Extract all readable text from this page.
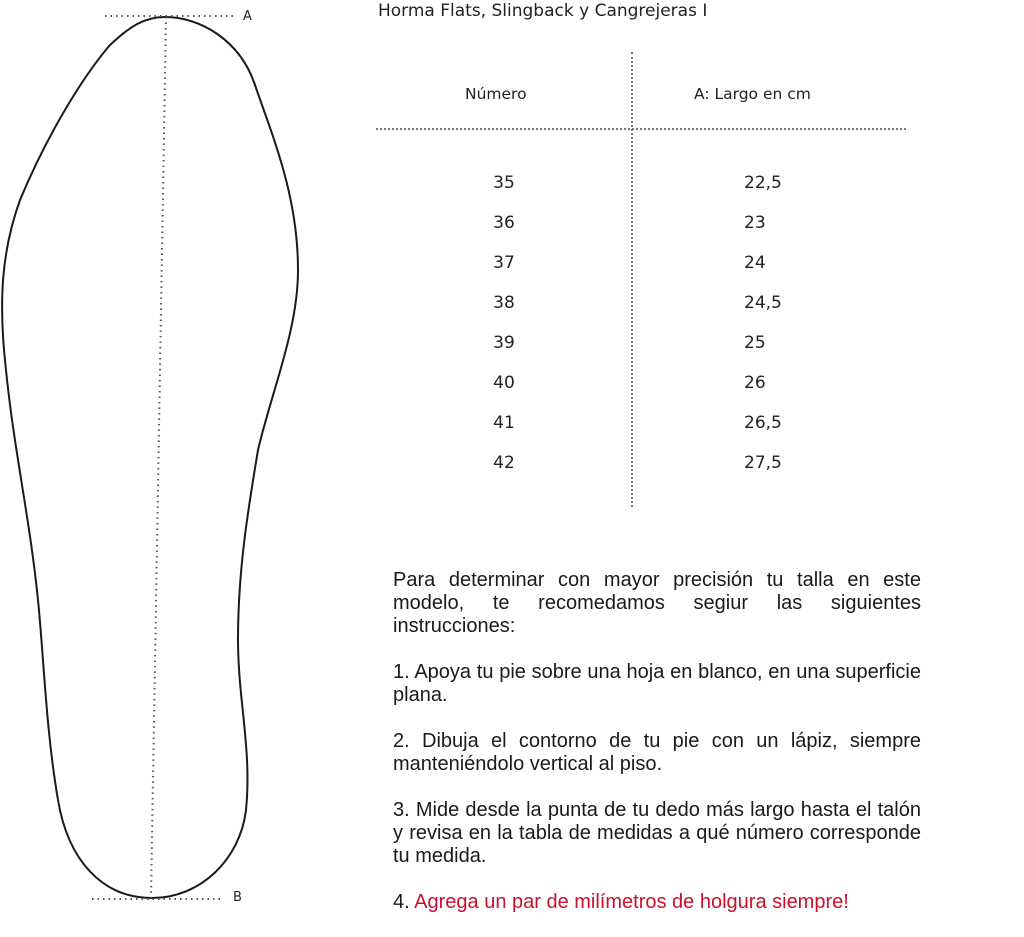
A
B
Horma Flats, Slingback y Cangrejeras I
Número	A: Largo en cm
35	22,5
36	23
37	24
38	24,5
39	25
40	26
41	26,5
42	27,5

Para determinar con mayor precisión tu talla en este modelo, te recomedamos segiur las siguientes instrucciones:

1. Apoya tu pie sobre una hoja en blanco, en una superficie plana.

2. Dibuja el contorno de tu pie con un lápiz, siempre manteniéndolo vertical al piso.

3. Mide desde la punta de tu dedo más largo hasta el talón y revisa en la tabla de medidas a qué número corresponde tu medida.

4. Agrega un par de milímetros de holgura siempre!
